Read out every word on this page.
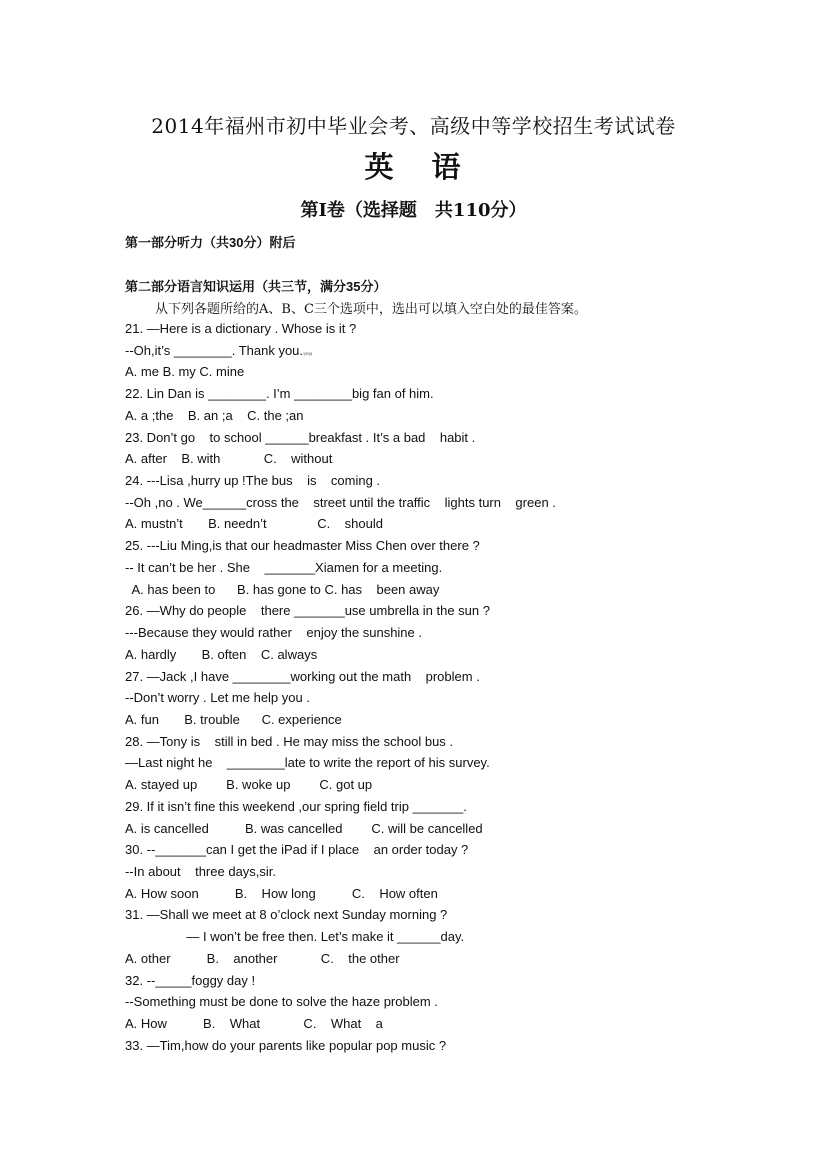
2014年福州市初中毕业会考、高级中等学校招生考试试卷
英 语
第Ⅰ卷（选择题　共110分）
第一部分听力（共30分）附后
第二部分语言知识运用（共三节，满分35分）
从下列各题所给的A、B、C三个选项中，选出可以填入空白处的最佳答案。
21. —Here is a dictionary . Whose is it ?
--Oh,it’s ________. Thank you.学科网
A. me B. my C. mine
22. Lin Dan is ________. I’m ________big fan of him.
A. a ;the    B. an ;a    C. the ;an
23. Don’t go    to school ______breakfast . It’s a bad    habit .
A. after    B. with            C.    without
24. ---Lisa ,hurry up !The bus    is    coming .
--Oh ,no . We______cross the    street until the traffic    lights turn    green .
A. mustn’t       B. needn’t              C.    should
25. ---Liu Ming,is that our headmaster Miss Chen over there ?
-- It can’t be her . She    _______Xiamen for a meeting.
A. has been to      B. has gone to C. has    been away
26. —Why do people    there _______use umbrella in the sun ?
---Because they would rather    enjoy the sunshine .
A. hardly       B. often    C. always
27. —Jack ,I have ________working out the math    problem .
--Don’t worry . Let me help you .
A. fun       B. trouble      C. experience
28. —Tony is    still in bed . He may miss the school bus .
—Last night he    ________late to write the report of his survey.
A. stayed up        B. woke up        C. got up
29. If it isn’t fine this weekend ,our spring field trip _______.
A. is cancelled          B. was cancelled        C. will be cancelled
30. --_______can I get the iPad if I place    an order today ?
--In about    three days,sir.
A. How soon          B.    How long          C.    How often
31. —Shall we meet at 8 o’clock next Sunday morning ?
— I won’t be free then. Let’s make it ______day.
A. other          B.    another            C.    the other
32. --_____foggy day !
--Something must be done to solve the haze problem .
A. How          B.    What            C.    What    a
33. —Tim,how do your parents like popular pop music ?
